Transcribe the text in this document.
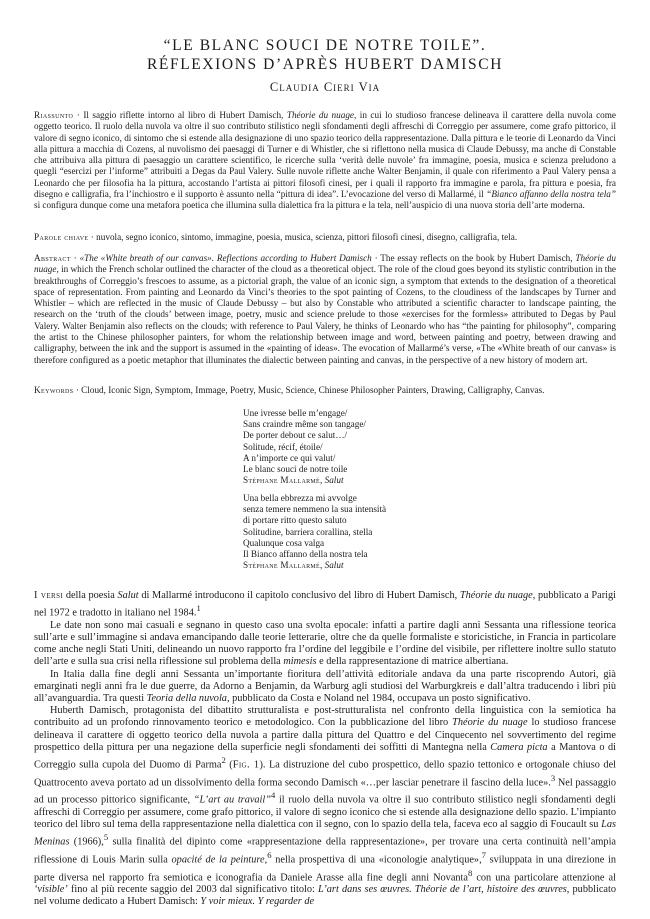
“LE BLANC SOUCI DE NOTRE TOILE”.
RÉFLEXIONS D’APRÈS HUBERT DAMISCH
Claudia Cieri Via
Riassunto · Il saggio riflette intorno al libro di Hubert Damisch, Théorie du nuage, in cui lo studioso francese delineava il carattere della nuvola come oggetto teorico. Il ruolo della nuvola va oltre il suo contributo stilistico negli sfondamenti degli affreschi di Correggio per assumere, come grafo pittorico, il valore di segno iconico, di sintomo che si estende alla designazione di uno spazio teorico della rappresentazione. Dalla pittura e le teorie di Leonardo da Vinci alla pittura a macchia di Cozens, al nuvolismo dei paesaggi di Turner e di Whistler, che si riflettono nella musica di Claude Debussy, ma anche di Constable che attribuiva alla pittura di paesaggio un carattere scientifico, le ricerche sulla ‘verità delle nuvole’ fra immagine, poesia, musica e scienza preludono a quegli “esercizi per l’informe” attribuiti a Degas da Paul Valery. Sulle nuvole riflette anche Walter Benjamin, il quale con riferimento a Paul Valery pensa a Leonardo che per filosofia ha la pittura, accostando l’artista ai pittori filosofi cinesi, per i quali il rapporto fra immagine e parola, fra pittura e poesia, fra disegno e calligrafia, fra l’inchiostro e il supporto è assunto nella “pittura di idea”. L’evocazione del verso di Mallarmé, il “Bianco affanno della nostra tela” si configura dunque come una metafora poetica che illumina sulla dialettica fra la pittura e la tela, nell’auspicio di una nuova storia dell’arte moderna.
Parole chiave · nuvola, segno iconico, sintomo, immagine, poesia, musica, scienza, pittori filosofi cinesi, disegno, calligrafia, tela.
Abstract · «The «White breath of our canvas». Reflections according to Hubert Damisch · The essay reflects on the book by Hubert Damisch, Théorie du nuage, in which the French scholar outlined the character of the cloud as a theoretical object. The role of the cloud goes beyond its stylistic contribution in the breakthroughs of Correggio’s frescoes to assume, as a pictorial graph, the value of an iconic sign, a symptom that extends to the designation of a theoretical space of representation. From painting and Leonardo da Vinci’s theories to the spot painting of Cozens, to the cloudiness of the landscapes by Turner and Whistler – which are reflected in the music of Claude Debussy – but also by Constable who attributed a scientific character to landscape painting, the research on the ‘truth of the clouds’ between image, poetry, music and science prelude to those «exercises for the formless» attributed to Degas by Paul Valery. Walter Benjamin also reflects on the clouds; with reference to Paul Valery, he thinks of Leonardo who has “the painting for philosophy”, comparing the artist to the Chinese philosopher painters, for whom the relationship between image and word, between painting and poetry, between drawing and calligraphy, between the ink and the support is assumed in the «painting of ideas». The evocation of Mallarmé’s verse, «The «White breath of our canvas» is therefore configured as a poetic metaphor that illuminates the dialectic between painting and canvas, in the perspective of a new history of modern art.
Keywords · Cloud, Iconic Sign, Symptom, Immage, Poetry, Music, Science, Chinese Philosopher Painters, Drawing, Calligraphy, Canvas.
Une ivresse belle m’engage/
Sans craindre même son tangage/
De porter debout ce salut…/
Solitude, récif, étoile/
A n’importe ce qui valut/
Le blanc souci de notre toile
Stéphane Mallarmé, Salut
Una bella ebbrezza mi avvolge
senza temere nemmeno la sua intensità
di portare ritto questo saluto
Solitudine, barriera corallina, stella
Qualunque cosa valga
Il Bianco affanno della nostra tela
Stéphane Mallarmé, Salut

I versi della poesia Salut di Mallarmé introducono il capitolo conclusivo del libro di Hubert Damisch, Théorie du nuage, pubblicato a Parigi nel 1972 e tradotto in italiano nel 1984.$^1$

Le date non sono mai casuali e segnano in questo caso una svolta epocale: infatti a partire dagli anni Sessanta una riflessione teorica sull’arte e sull’immagine si andava emancipando dalle teorie letterarie, oltre che da quelle formaliste e storicistiche, in Francia in particolare come anche negli Stati Uniti, delineando un nuovo rapporto fra l’ordine del leggibile e l’ordine del visibile, per riflettere inoltre sullo statuto dell’arte e sulla sua crisi nella riflessione sul problema della mimesis e della rappresentazione di matrice albertiana.

In Italia dalla fine degli anni Sessanta un’importante fioritura dell’attività editoriale andava da una parte riscoprendo Autori, già emarginati negli anni fra le due guerre, da Adorno a Benjamin, da Warburg agli studiosi del Warburgkreis e dall’altra traducendo i libri più all’avanguardia. Tra questi Teoria della nuvola, pubblicato da Costa e Noland nel 1984, occupava un posto significativo.

Huberth Damisch, protagonista del dibattito strutturalista e post-strutturalista nel confronto della linguistica con la semiotica ha contribuito ad un profondo rinnovamento teorico e metodologico. Con la pubblicazione del libro Théorie du nuage lo studioso francese delineava il carattere di oggetto teorico della nuvola a partire dalla pittura del Quattro e del Cinquecento nel sovvertimento del regime prospettico della pittura per una negazione della superficie negli sfondamenti dei soffitti di Mantegna nella Camera picta a Mantova o di Correggio sulla cupola del Duomo di Parma$^2$ (Fig. 1). La distruzione del cubo prospettico, dello spazio tettonico e ortogonale chiuso del Quattrocento aveva portato ad un dissolvimento della forma secondo Damisch «…per lasciar penetrare il fascino della luce».$^3$ Nel passaggio ad un processo pittorico significante, “L’art au travail”$^4$ il ruolo della nuvola va oltre il suo contributo stilistico negli sfondamenti degli affreschi di Correggio per assumere, come grafo pittorico, il valore di segno iconico che si estende alla designazione dello spazio. L’impianto teorico del libro sul tema della rappresentazione nella dialettica con il segno, con lo spazio della tela, faceva eco al saggio di Foucault su Las Meninas (1966),$^5$ sulla finalità del dipinto come «rappresentazione della rappresentazione», per trovare una certa continuità nell’ampia riflessione di Louis Marin sulla opacité de la peinture,$^6$ nella prospettiva di una «iconologie analytique»,$^7$ sviluppata in una direzione in parte diversa nel rapporto fra semiotica e iconografia da Daniele Arasse alla fine degli anni Novanta$^8$ con una particolare attenzione al ‘visible’ fino al più recente saggio del 2003 dal significativo titolo: L’art dans ses œuvres. Théorie de l’art, histoire des œuvres, pubblicato nel volume dedicato a Hubert Damisch: Y voir mieux. Y regarder de
